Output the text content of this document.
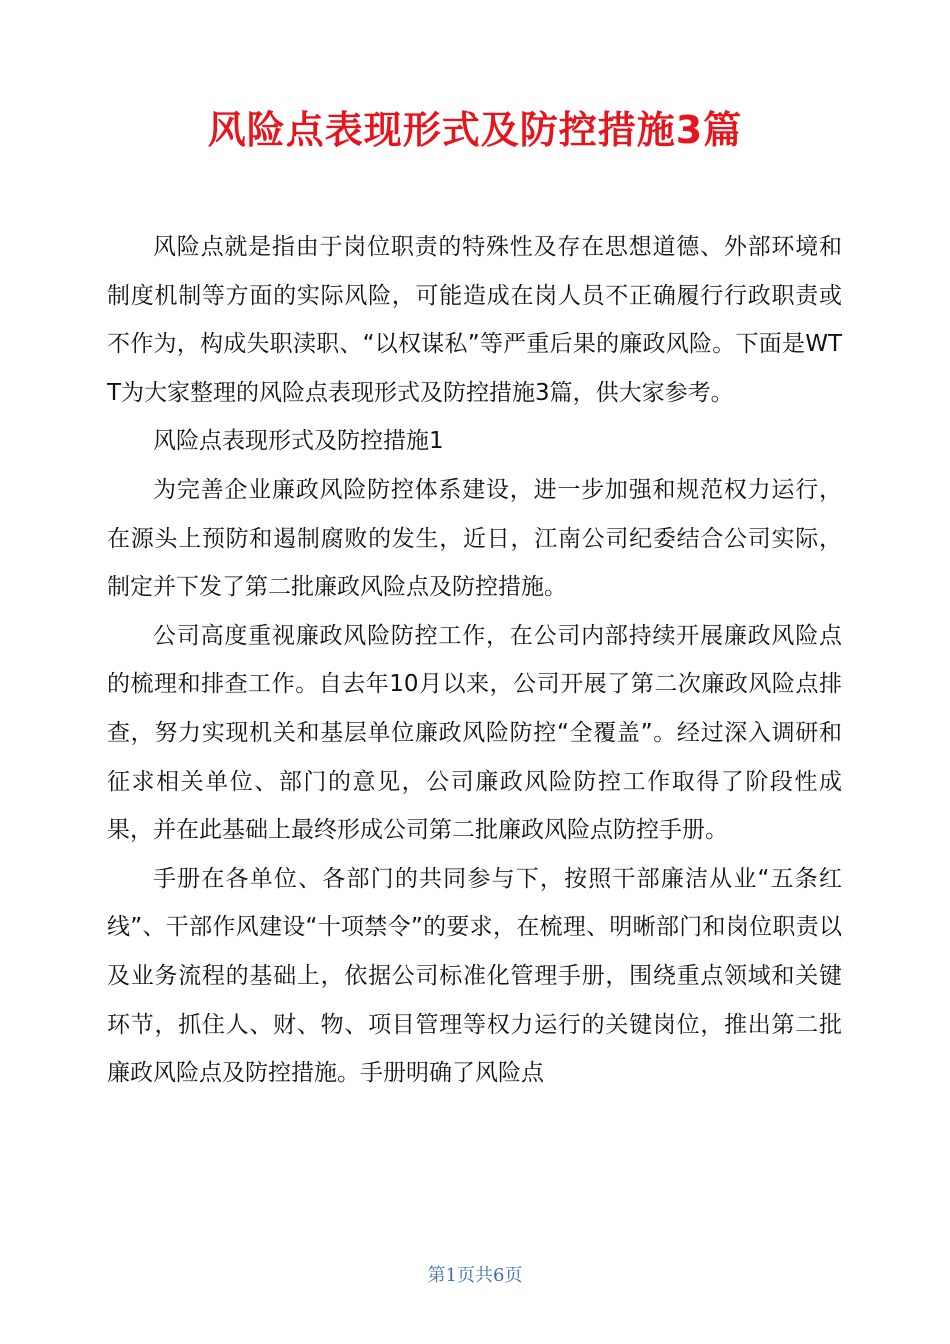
风险点表现形式及防控措施3篇

风险点就是指由于岗位职责的特殊性及存在思想道德、外部环境和制度机制等方面的实际风险，可能造成在岗人员不正确履行行政职责或不作为，构成失职渎职、“以权谋私”等严重后果的廉政风险。下面是WTT为大家整理的风险点表现形式及防控措施3篇，供大家参考。

风险点表现形式及防控措施1

为完善企业廉政风险防控体系建设，进一步加强和规范权力运行，在源头上预防和遏制腐败的发生，近日，江南公司纪委结合公司实际，制定并下发了第二批廉政风险点及防控措施。

公司高度重视廉政风险防控工作，在公司内部持续开展廉政风险点的梳理和排查工作。自去年10月以来，公司开展了第二次廉政风险点排查，努力实现机关和基层单位廉政风险防控“全覆盖”。经过深入调研和征求相关单位、部门的意见，公司廉政风险防控工作取得了阶段性成果，并在此基础上最终形成公司第二批廉政风险点防控手册。

手册在各单位、各部门的共同参与下，按照干部廉洁从业“五条红线”、干部作风建设“十项禁令”的要求，在梳理、明晰部门和岗位职责以及业务流程的基础上，依据公司标准化管理手册，围绕重点领域和关键环节，抓住人、财、物、项目管理等权力运行的关键岗位，推出第二批廉政风险点及防控措施。手册明确了风险点

第1页共6页
